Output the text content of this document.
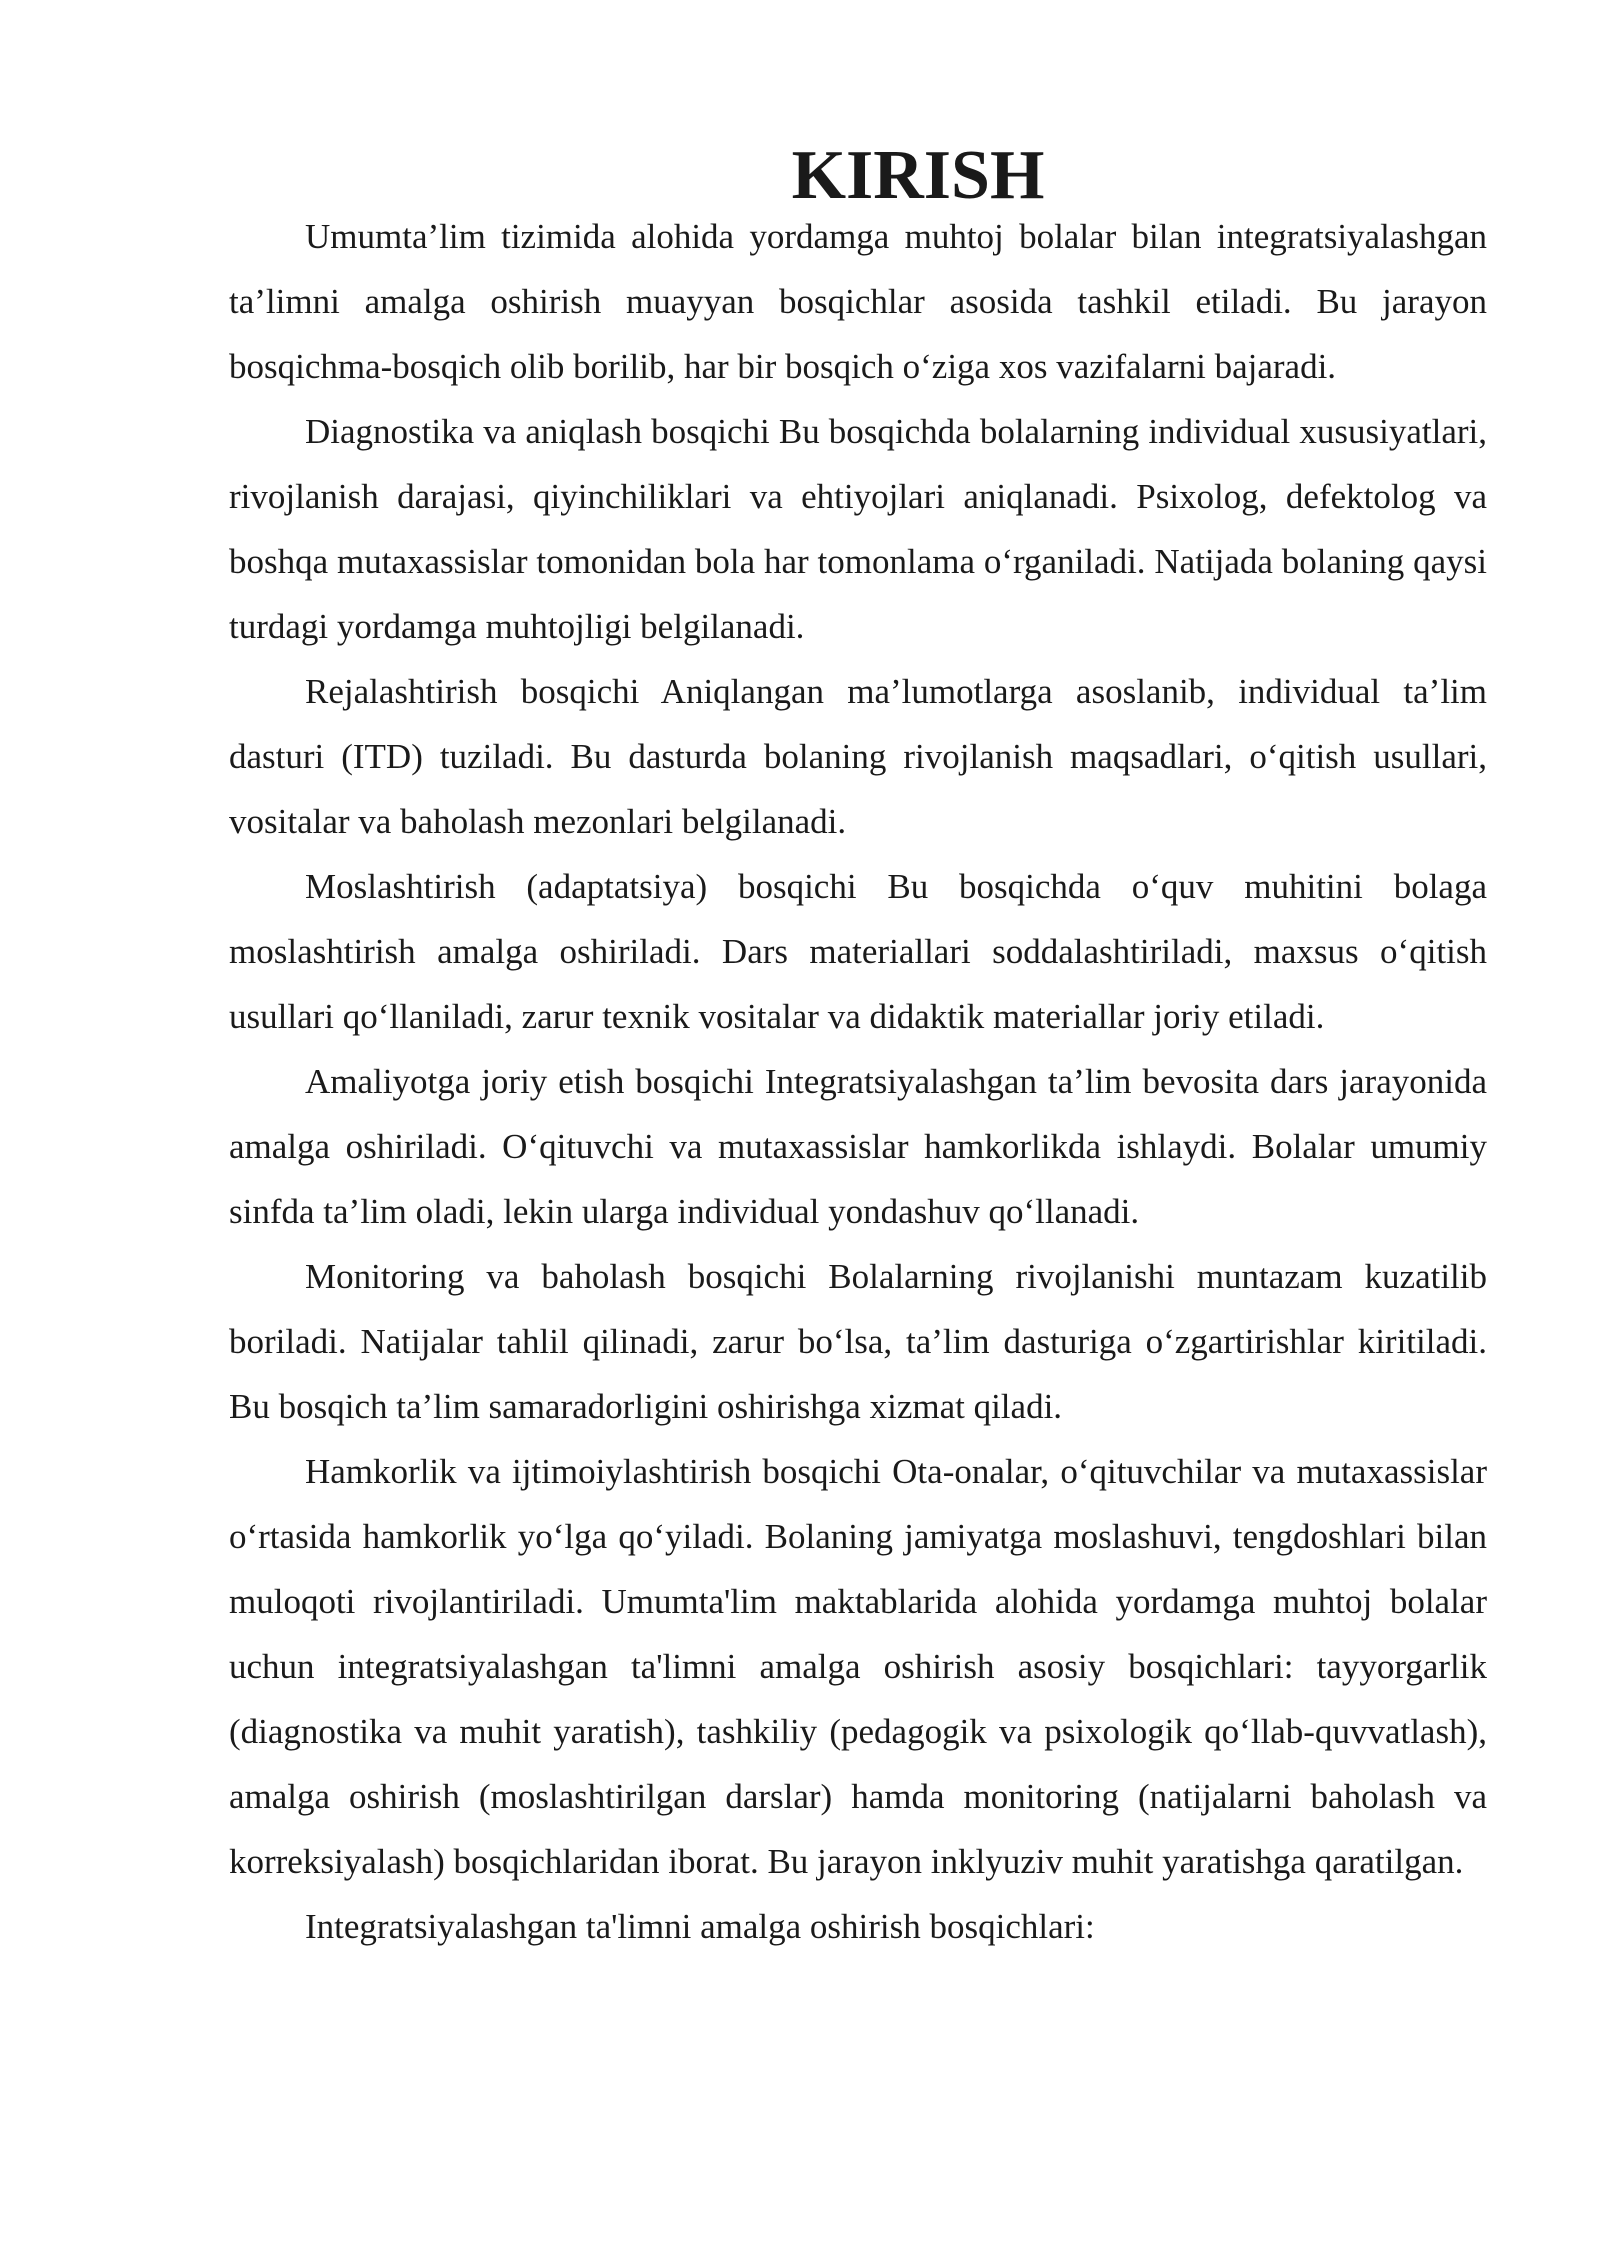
KIRISH

Umumta’lim tizimida alohida yordamga muhtoj bolalar bilan integratsiyalashgan ta’limni amalga oshirish muayyan bosqichlar asosida tashkil etiladi. Bu jarayon bosqichma-bosqich olib borilib, har bir bosqich o‘ziga xos vazifalarni bajaradi.

Diagnostika va aniqlash bosqichi Bu bosqichda bolalarning individual xususiyatlari, rivojlanish darajasi, qiyinchiliklari va ehtiyojlari aniqlanadi. Psixolog, defektolog va boshqa mutaxassislar tomonidan bola har tomonlama o‘rganiladi. Natijada bolaning qaysi turdagi yordamga muhtojligi belgilanadi.

Rejalashtirish bosqichi Aniqlangan ma’lumotlarga asoslanib, individual ta’lim dasturi (ITD) tuziladi. Bu dasturda bolaning rivojlanish maqsadlari, o‘qitish usullari, vositalar va baholash mezonlari belgilanadi.

Moslashtirish (adaptatsiya) bosqichi Bu bosqichda o‘quv muhitini bolaga moslashtirish amalga oshiriladi. Dars materiallari soddalashtiriladi, maxsus o‘qitish usullari qo‘llaniladi, zarur texnik vositalar va didaktik materiallar joriy etiladi.

Amaliyotga joriy etish bosqichi Integratsiyalashgan ta’lim bevosita dars jarayonida amalga oshiriladi. O‘qituvchi va mutaxassislar hamkorlikda ishlaydi. Bolalar umumiy sinfda ta’lim oladi, lekin ularga individual yondashuv qo‘llanadi.

Monitoring va baholash bosqichi Bolalarning rivojlanishi muntazam kuzatilib boriladi. Natijalar tahlil qilinadi, zarur bo‘lsa, ta’lim dasturiga o‘zgartirishlar kiritiladi. Bu bosqich ta’lim samaradorligini oshirishga xizmat qiladi.

Hamkorlik va ijtimoiylashtirish bosqichi Ota-onalar, o‘qituvchilar va mutaxassislar o‘rtasida hamkorlik yo‘lga qo‘yiladi. Bolaning jamiyatga moslashuvi, tengdoshlari bilan muloqoti rivojlantiriladi. Umumta'lim maktablarida alohida yordamga muhtoj bolalar uchun integratsiyalashgan ta'limni amalga oshirish asosiy bosqichlari: tayyorgarlik (diagnostika va muhit yaratish), tashkiliy (pedagogik va psixologik qo‘llab-quvvatlash), amalga oshirish (moslashtirilgan darslar) hamda monitoring (natijalarni baholash va korreksiyalash) bosqichlaridan iborat. Bu jarayon inklyuziv muhit yaratishga qaratilgan.

Integratsiyalashgan ta'limni amalga oshirish bosqichlari:
